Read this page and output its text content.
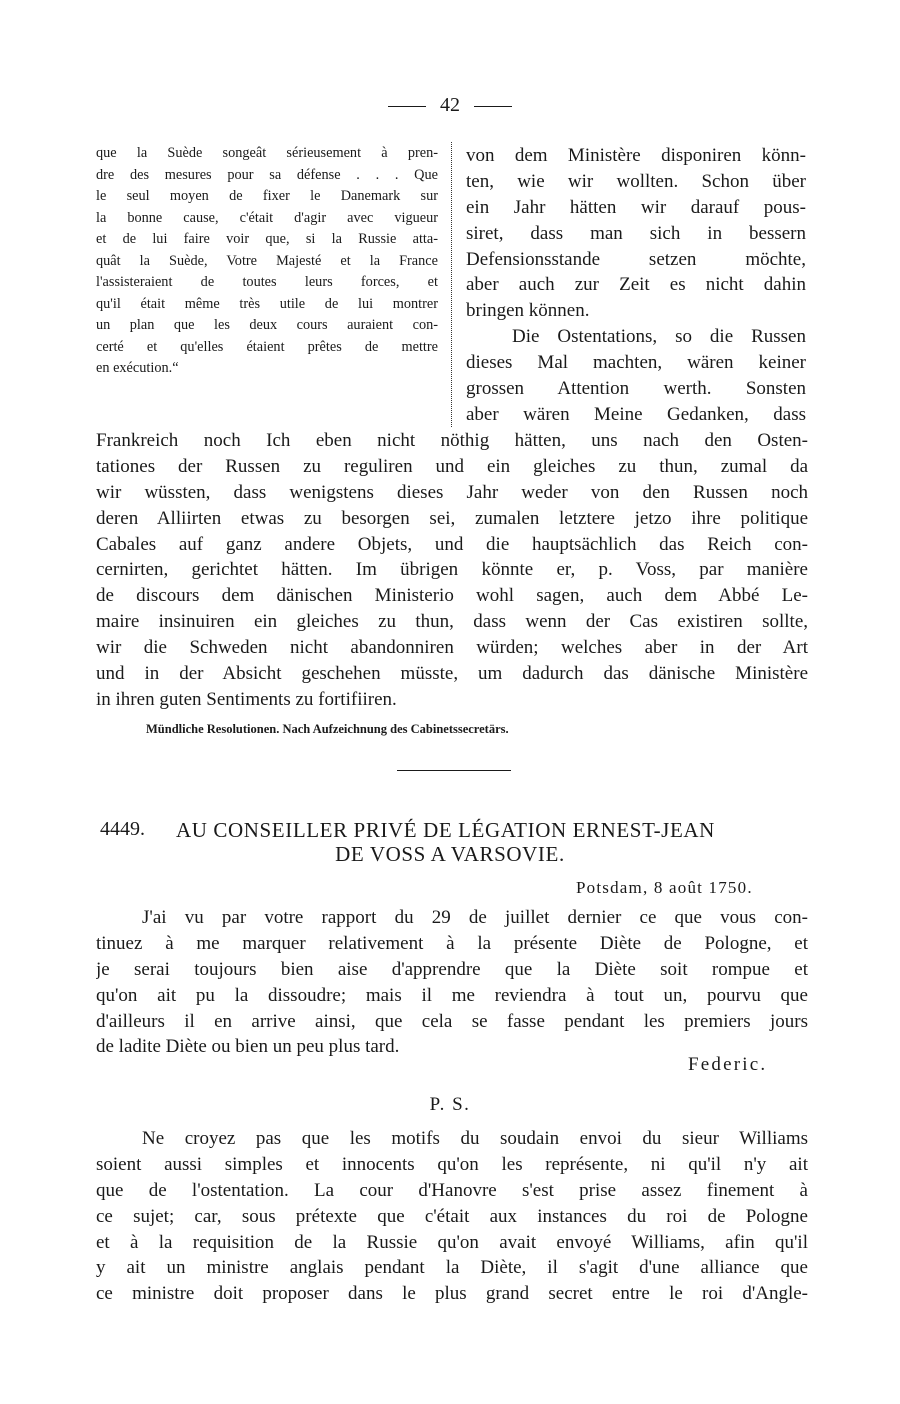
42
que la Suède songeât sérieusement à pren-
dre des mesures pour sa défense . . . Que
le seul moyen de fixer le Danemark sur
la bonne cause, c'était d'agir avec vigueur
et de lui faire voir que, si la Russie atta-
quât la Suède, Votre Majesté et la France
l'assisteraient de toutes leurs forces, et
qu'il était même très utile de lui montrer
un plan que les deux cours auraient con-
certé et qu'elles étaient prêtes de mettre
en exécution.“
von dem Ministère disponiren könn-
ten, wie wir wollten. Schon über
ein Jahr hätten wir darauf pous-
siret, dass man sich in bessern
Defensionsstande setzen möchte,
aber auch zur Zeit es nicht dahin
bringen können.
Die Ostentations, so die Russen
dieses Mal machten, wären keiner
grossen Attention werth. Sonsten
aber wären Meine Gedanken, dass
Frankreich noch Ich eben nicht nöthig hätten, uns nach den Osten-
tationes der Russen zu reguliren und ein gleiches zu thun, zumal da
wir wüssten, dass wenigstens dieses Jahr weder von den Russen noch
deren Alliirten etwas zu besorgen sei, zumalen letztere jetzo ihre politique
Cabales auf ganz andere Objets, und die hauptsächlich das Reich con-
cernirten, gerichtet hätten. Im übrigen könnte er, p. Voss, par manière
de discours dem dänischen Ministerio wohl sagen, auch dem Abbé Le-
maire insinuiren ein gleiches zu thun, dass wenn der Cas existiren sollte,
wir die Schweden nicht abandonniren würden; welches aber in der Art
und in der Absicht geschehen müsste, um dadurch das dänische Ministère
in ihren guten Sentiments zu fortifiiren.
Mündliche Resolutionen. Nach Aufzeichnung des Cabinetssecretärs.
4449. AU CONSEILLER PRIVÉ DE LÉGATION ERNEST-JEAN
DE VOSS A VARSOVIE.
Potsdam, 8 août 1750.
J'ai vu par votre rapport du 29 de juillet dernier ce que vous con-
tinuez à me marquer relativement à la présente Diète de Pologne, et
je serai toujours bien aise d'apprendre que la Diète soit rompue et
qu'on ait pu la dissoudre; mais il me reviendra à tout un, pourvu que
d'ailleurs il en arrive ainsi, que cela se fasse pendant les premiers jours
de ladite Diète ou bien un peu plus tard.
Federic.
P. S.
Ne croyez pas que les motifs du soudain envoi du sieur Williams
soient aussi simples et innocents qu'on les représente, ni qu'il n'y ait
que de l'ostentation. La cour d'Hanovre s'est prise assez finement à
ce sujet; car, sous prétexte que c'était aux instances du roi de Pologne
et à la requisition de la Russie qu'on avait envoyé Williams, afin qu'il
y ait un ministre anglais pendant la Diète, il s'agit d'une alliance que
ce ministre doit proposer dans le plus grand secret entre le roi d'Angle-
